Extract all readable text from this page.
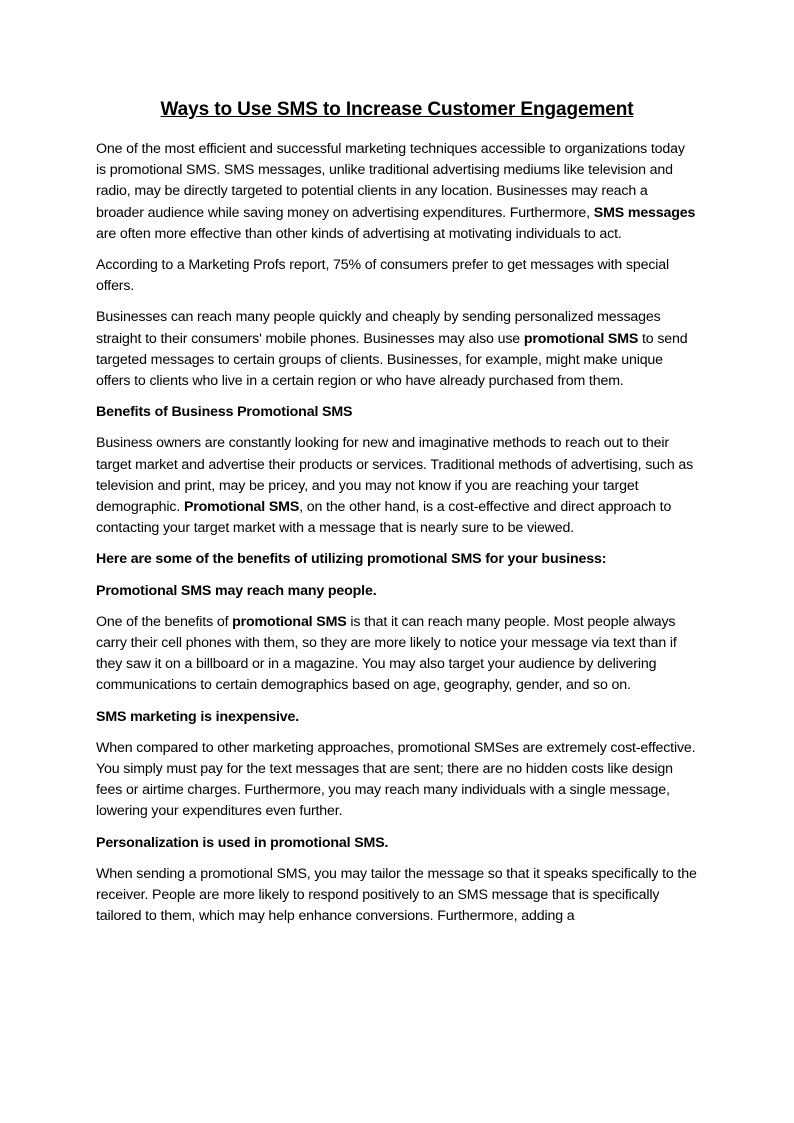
Ways to Use SMS to Increase Customer Engagement

One of the most efficient and successful marketing techniques accessible to organizations today is promotional SMS. SMS messages, unlike traditional advertising mediums like television and radio, may be directly targeted to potential clients in any location. Businesses may reach a broader audience while saving money on advertising expenditures. Furthermore, SMS messages are often more effective than other kinds of advertising at motivating individuals to act.

According to a Marketing Profs report, 75% of consumers prefer to get messages with special offers.

Businesses can reach many people quickly and cheaply by sending personalized messages straight to their consumers' mobile phones. Businesses may also use promotional SMS to send targeted messages to certain groups of clients. Businesses, for example, might make unique offers to clients who live in a certain region or who have already purchased from them.

Benefits of Business Promotional SMS

Business owners are constantly looking for new and imaginative methods to reach out to their target market and advertise their products or services. Traditional methods of advertising, such as television and print, may be pricey, and you may not know if you are reaching your target demographic. Promotional SMS, on the other hand, is a cost-effective and direct approach to contacting your target market with a message that is nearly sure to be viewed.

Here are some of the benefits of utilizing promotional SMS for your business:

Promotional SMS may reach many people.

One of the benefits of promotional SMS is that it can reach many people. Most people always carry their cell phones with them, so they are more likely to notice your message via text than if they saw it on a billboard or in a magazine. You may also target your audience by delivering communications to certain demographics based on age, geography, gender, and so on.

SMS marketing is inexpensive.

When compared to other marketing approaches, promotional SMSes are extremely cost-effective. You simply must pay for the text messages that are sent; there are no hidden costs like design fees or airtime charges. Furthermore, you may reach many individuals with a single message, lowering your expenditures even further.

Personalization is used in promotional SMS.

When sending a promotional SMS, you may tailor the message so that it speaks specifically to the receiver. People are more likely to respond positively to an SMS message that is specifically tailored to them, which may help enhance conversions. Furthermore, adding a
